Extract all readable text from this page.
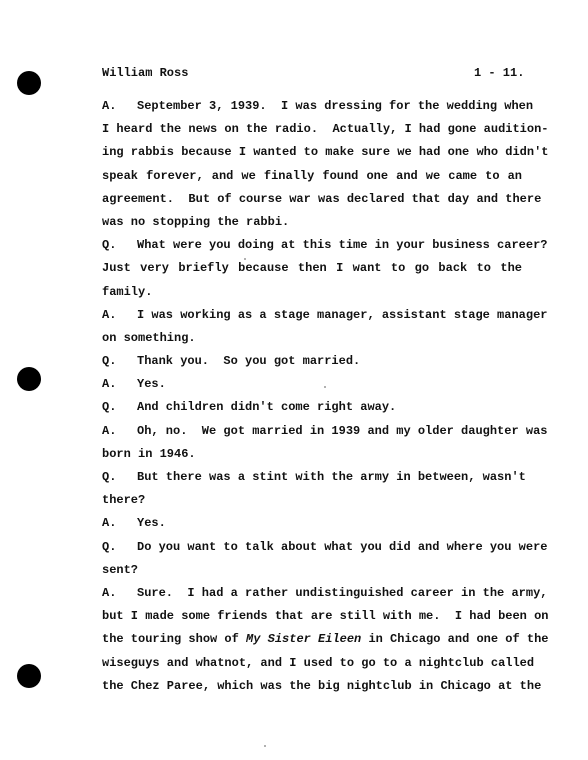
William Ross	1 - 11.
A. September 3, 1939.  I was dressing for the wedding when
I heard the news on the radio.  Actually, I had gone audition-
ing rabbis because I wanted to make sure we had one who didn't
speak forever, and we finally found one and we came to an
agreement.  But of course war was declared that day and there
was no stopping the rabbi.
Q. What were you doing at this time in your business career?
Just very briefly because then I want to go back to the
family.
A. I was working as a stage manager, assistant stage manager
on something.
Q. Thank you.  So you got married.
A. Yes.
Q. And children didn't come right away.
A. Oh, no.  We got married in 1939 and my older daughter was
born in 1946.
Q. But there was a stint with the army in between, wasn't
there?
A. Yes.
Q. Do you want to talk about what you did and where you were
sent?
A. Sure.  I had a rather undistinguished career in the army,
but I made some friends that are still with me.  I had been on
the touring show of My Sister Eileen in Chicago and one of the
wiseguys and whatnot, and I used to go to a nightclub called
the Chez Paree, which was the big nightclub in Chicago at the
